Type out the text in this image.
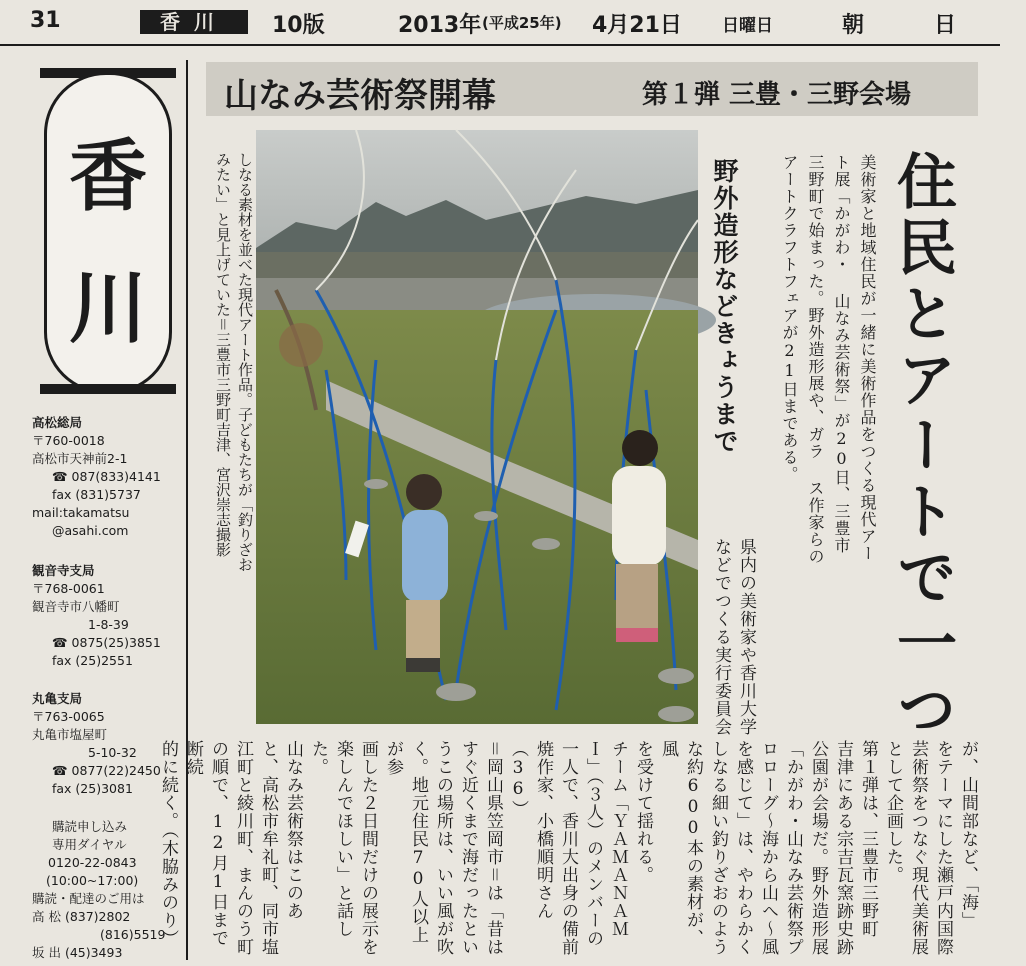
31	香川	10版	2013年 (平成25年) 4月21日 日曜日	朝日
香
川
高松総局
〒760-0018
高松市天神前2-1
☎ 087(833)4141
fax (831)5737
mail:takamatsu
@asahi.com
観音寺支局
〒768-0061
観音寺市八幡町
1-8-39
☎ 0875(25)3851
fax (25)2551
丸亀支局
〒763-0065
丸亀市塩屋町
5-10-32
☎ 0877(22)2450
fax (25)3081
購読申し込み
専用ダイヤル
0120-22-0843
(10:00~17:00)
購読・配達のご用は
高 松 (837)2802
(816)5519
坂 出 (45)3493
山なみ芸術祭開幕	第１弾 三豊・三野会場
しなる素材を並べた現代アート作品。子どもたちが「釣りざお
みたい」と見上げていた＝三豊市三野町吉津、宮沢崇志撮影	野外造形などきょうまで	美術家と地域住民が一緒に美術作品をつくる現代アート展「かがわ・ 山なみ芸術祭」が20日、三豊市三野町で始まった。野外造形展や、ガラ ス作家らのアートクラフトフェアが21日まである。	住民とアートで一つ
県内の美術家や香川大学
などでつくる実行委員会
が、山間部など、「海」
をテーマにした瀬戸内国際
芸術祭をつなぐ現代美術展
として企画した。
第１弾は、三豊市三野町
吉津にある宗吉瓦窯跡史跡
公園が会場だ。野外造形展
「かがわ・山なみ芸術祭プ
ロローグ～海から山へ～風
を感じて」は、やわらかく
しなる細い釣りざおのよう
な約600本の素材が、風
を受けて揺れる。
チーム「ＹＡＭＡＮＡＭ
Ｉ」（３人）のメンバーの
一人で、香川大出身の備前
焼作家、小橋順明さん（36）
＝岡山県笠岡市＝は「昔は
すぐ近くまで海だったとい
うこの場所は、いい風が吹
く。地元住民70人以上が参
画した２日間だけの展示を
楽しんでほしい」と話した。
山なみ芸術祭はこのあ
と、高松市牟礼町、同市塩
江町と綾川町、まんのう町
の順で、12月1日まで断続
的に続く。（木脇みのり）
